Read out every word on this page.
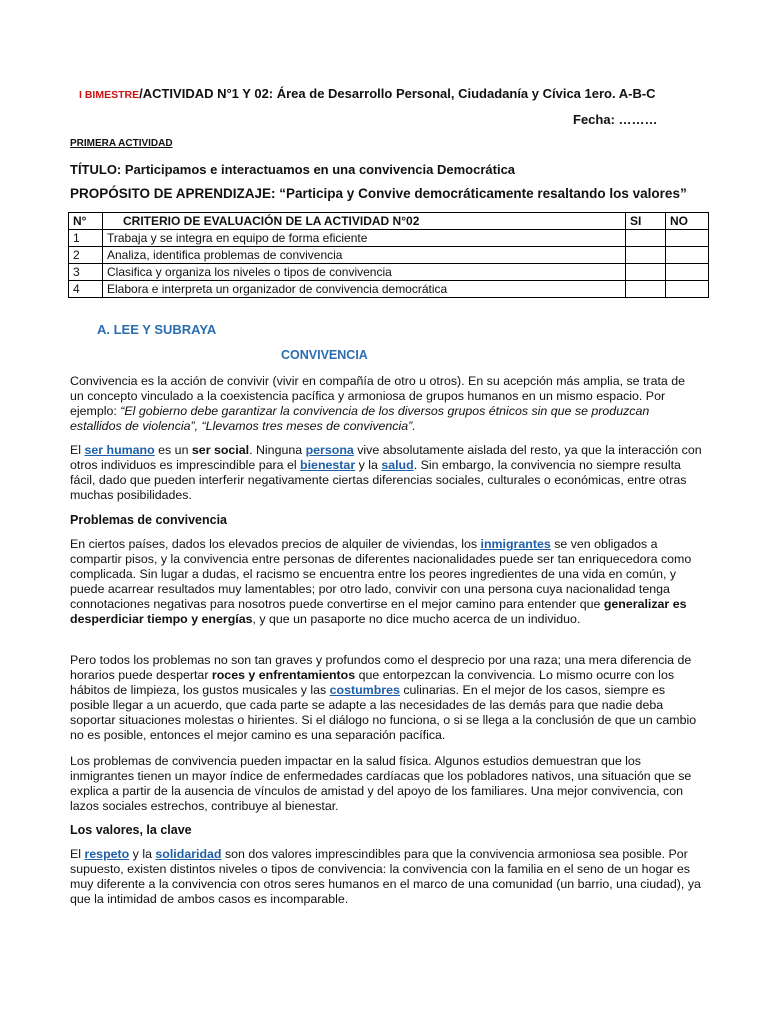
I BIMESTRE/ACTIVIDAD N°1 Y 02: Área de Desarrollo Personal, Ciudadanía y Cívica 1ero. A-B-C
Fecha: ………
PRIMERA ACTIVIDAD
TÍTULO: Participamos e interactuamos en una convivencia Democrática
PROPÓSITO DE APRENDIZAJE: “Participa y Convive democráticamente resaltando los valores”
N°	CRITERIO DE EVALUACIÓN DE LA ACTIVIDAD N°02	SI	NO
1	Trabaja y se integra en equipo de forma eficiente		
2	Analiza, identifica problemas de convivencia		
3	Clasifica y organiza los niveles o tipos de convivencia		
4	Elabora e interpreta un organizador de convivencia democrática		
A. LEE Y SUBRAYA
CONVIVENCIA
Convivencia es la acción de convivir (vivir en compañía de otro u otros). En su acepción más amplia, se trata de un concepto vinculado a la coexistencia pacífica y armoniosa de grupos humanos en un mismo espacio. Por ejemplo: “El gobierno debe garantizar la convivencia de los diversos grupos étnicos sin que se produzcan estallidos de violencia”, “Llevamos tres meses de convivencia”.
El ser humano es un ser social. Ninguna persona vive absolutamente aislada del resto, ya que la interacción con otros individuos es imprescindible para el bienestar y la salud. Sin embargo, la convivencia no siempre resulta fácil, dado que pueden interferir negativamente ciertas diferencias sociales, culturales o económicas, entre otras muchas posibilidades.
Problemas de convivencia
En ciertos países, dados los elevados precios de alquiler de viviendas, los inmigrantes se ven obligados a compartir pisos, y la convivencia entre personas de diferentes nacionalidades puede ser tan enriquecedora como complicada. Sin lugar a dudas, el racismo se encuentra entre los peores ingredientes de una vida en común, y puede acarrear resultados muy lamentables; por otro lado, convivir con una persona cuya nacionalidad tenga connotaciones negativas para nosotros puede convertirse en el mejor camino para entender que generalizar es desperdiciar tiempo y energías, y que un pasaporte no dice mucho acerca de un individuo.
Pero todos los problemas no son tan graves y profundos como el desprecio por una raza; una mera diferencia de horarios puede despertar roces y enfrentamientos que entorpezcan la convivencia. Lo mismo ocurre con los hábitos de limpieza, los gustos musicales y las costumbres culinarias. En el mejor de los casos, siempre es posible llegar a un acuerdo, que cada parte se adapte a las necesidades de las demás para que nadie deba soportar situaciones molestas o hirientes. Si el diálogo no funciona, o si se llega a la conclusión de que un cambio no es posible, entonces el mejor camino es una separación pacífica.
Los problemas de convivencia pueden impactar en la salud física. Algunos estudios demuestran que los inmigrantes tienen un mayor índice de enfermedades cardíacas que los pobladores nativos, una situación que se explica a partir de la ausencia de vínculos de amistad y del apoyo de los familiares. Una mejor convivencia, con lazos sociales estrechos, contribuye al bienestar.
Los valores, la clave
El respeto y la solidaridad son dos valores imprescindibles para que la convivencia armoniosa sea posible. Por supuesto, existen distintos niveles o tipos de convivencia: la convivencia con la familia en el seno de un hogar es muy diferente a la convivencia con otros seres humanos en el marco de una comunidad (un barrio, una ciudad), ya que la intimidad de ambos casos es incomparable.
